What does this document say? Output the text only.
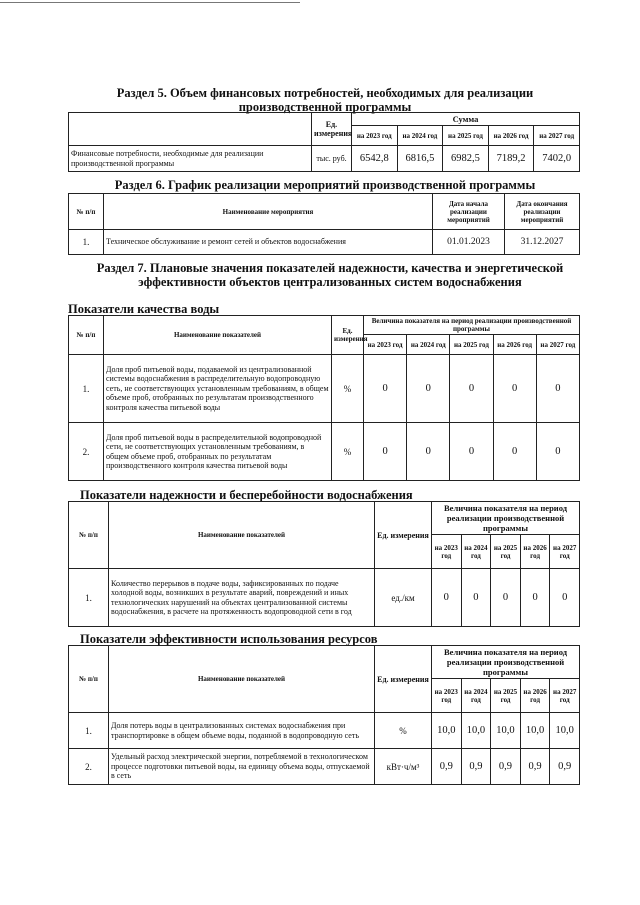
Раздел 5. Объем финансовых потребностей, необходимых для реализации производственной программы
	Ед. измерения	Сумма				
		на 2023 год	на 2024 год	на 2025 год	на 2026 год	на 2027 год
Финансовые потребности, необходимые для реализации производственной программы	тыс. руб.	6542,8	6816,5	6982,5	7189,2	7402,0
Раздел 6. График реализации мероприятий производственной программы
№ п/п	Наименование мероприятия	Дата начала реализации мероприятий	Дата окончания реализации мероприятий
1.	Техническое обслуживание и ремонт сетей и объектов водоснабжения	01.01.2023	31.12.2027
Раздел 7. Плановые значения показателей надежности, качества и энергетической эффективности объектов централизованных систем водоснабжения
Показатели качества воды
№ п/п	Наименование показателей	Ед. измерения	Величина показателя на период реализации производственной программы				
			на 2023 год	на 2024 год	на 2025 год	на 2026 год	на 2027 год
1.	Доля проб питьевой воды, подаваемой из централизованной системы водоснабжения в распределительную водопроводную сеть, не соответствующих установленным требованиям, в общем объеме проб, отобранных по результатам производственного контроля качества питьевой воды	%	0	0	0	0	0
2.	Доля проб питьевой воды в распределительной водопроводной сети, не соответствующих установленным требованиям, в общем объеме проб, отобранных по результатам производственного контроля качества питьевой воды	%	0	0	0	0	0
Показатели надежности и бесперебойности водоснабжения
№ п/п	Наименование показателей	Ед. измерения	Величина показателя на период реализации производственной программы				
			на 2023 год	на 2024 год	на 2025 год	на 2026 год	на 2027 год
1.	Количество перерывов в подаче воды, зафиксированных по подаче холодной воды, возникших в результате аварий, повреждений и иных технологических нарушений на объектах централизованной системы водоснабжения, в расчете на протяженность водопроводной сети в год	ед./км	0	0	0	0	0
Показатели эффективности использования ресурсов
№ п/п	Наименование показателей	Ед. измерения	Величина показателя на период реализации производственной программы				
			на 2023 год	на 2024 год	на 2025 год	на 2026 год	на 2027 год
1.	Доля потерь воды в централизованных системах водоснабжения при транспортировке в общем объеме воды, поданной в водопроводную сеть	%	10,0	10,0	10,0	10,0	10,0
2.	Удельный расход электрической энергии, потребляемой в технологическом процессе подготовки питьевой воды, на единицу объема воды, отпускаемой в сеть	кВт·ч/м³	0,9	0,9	0,9	0,9	0,9
